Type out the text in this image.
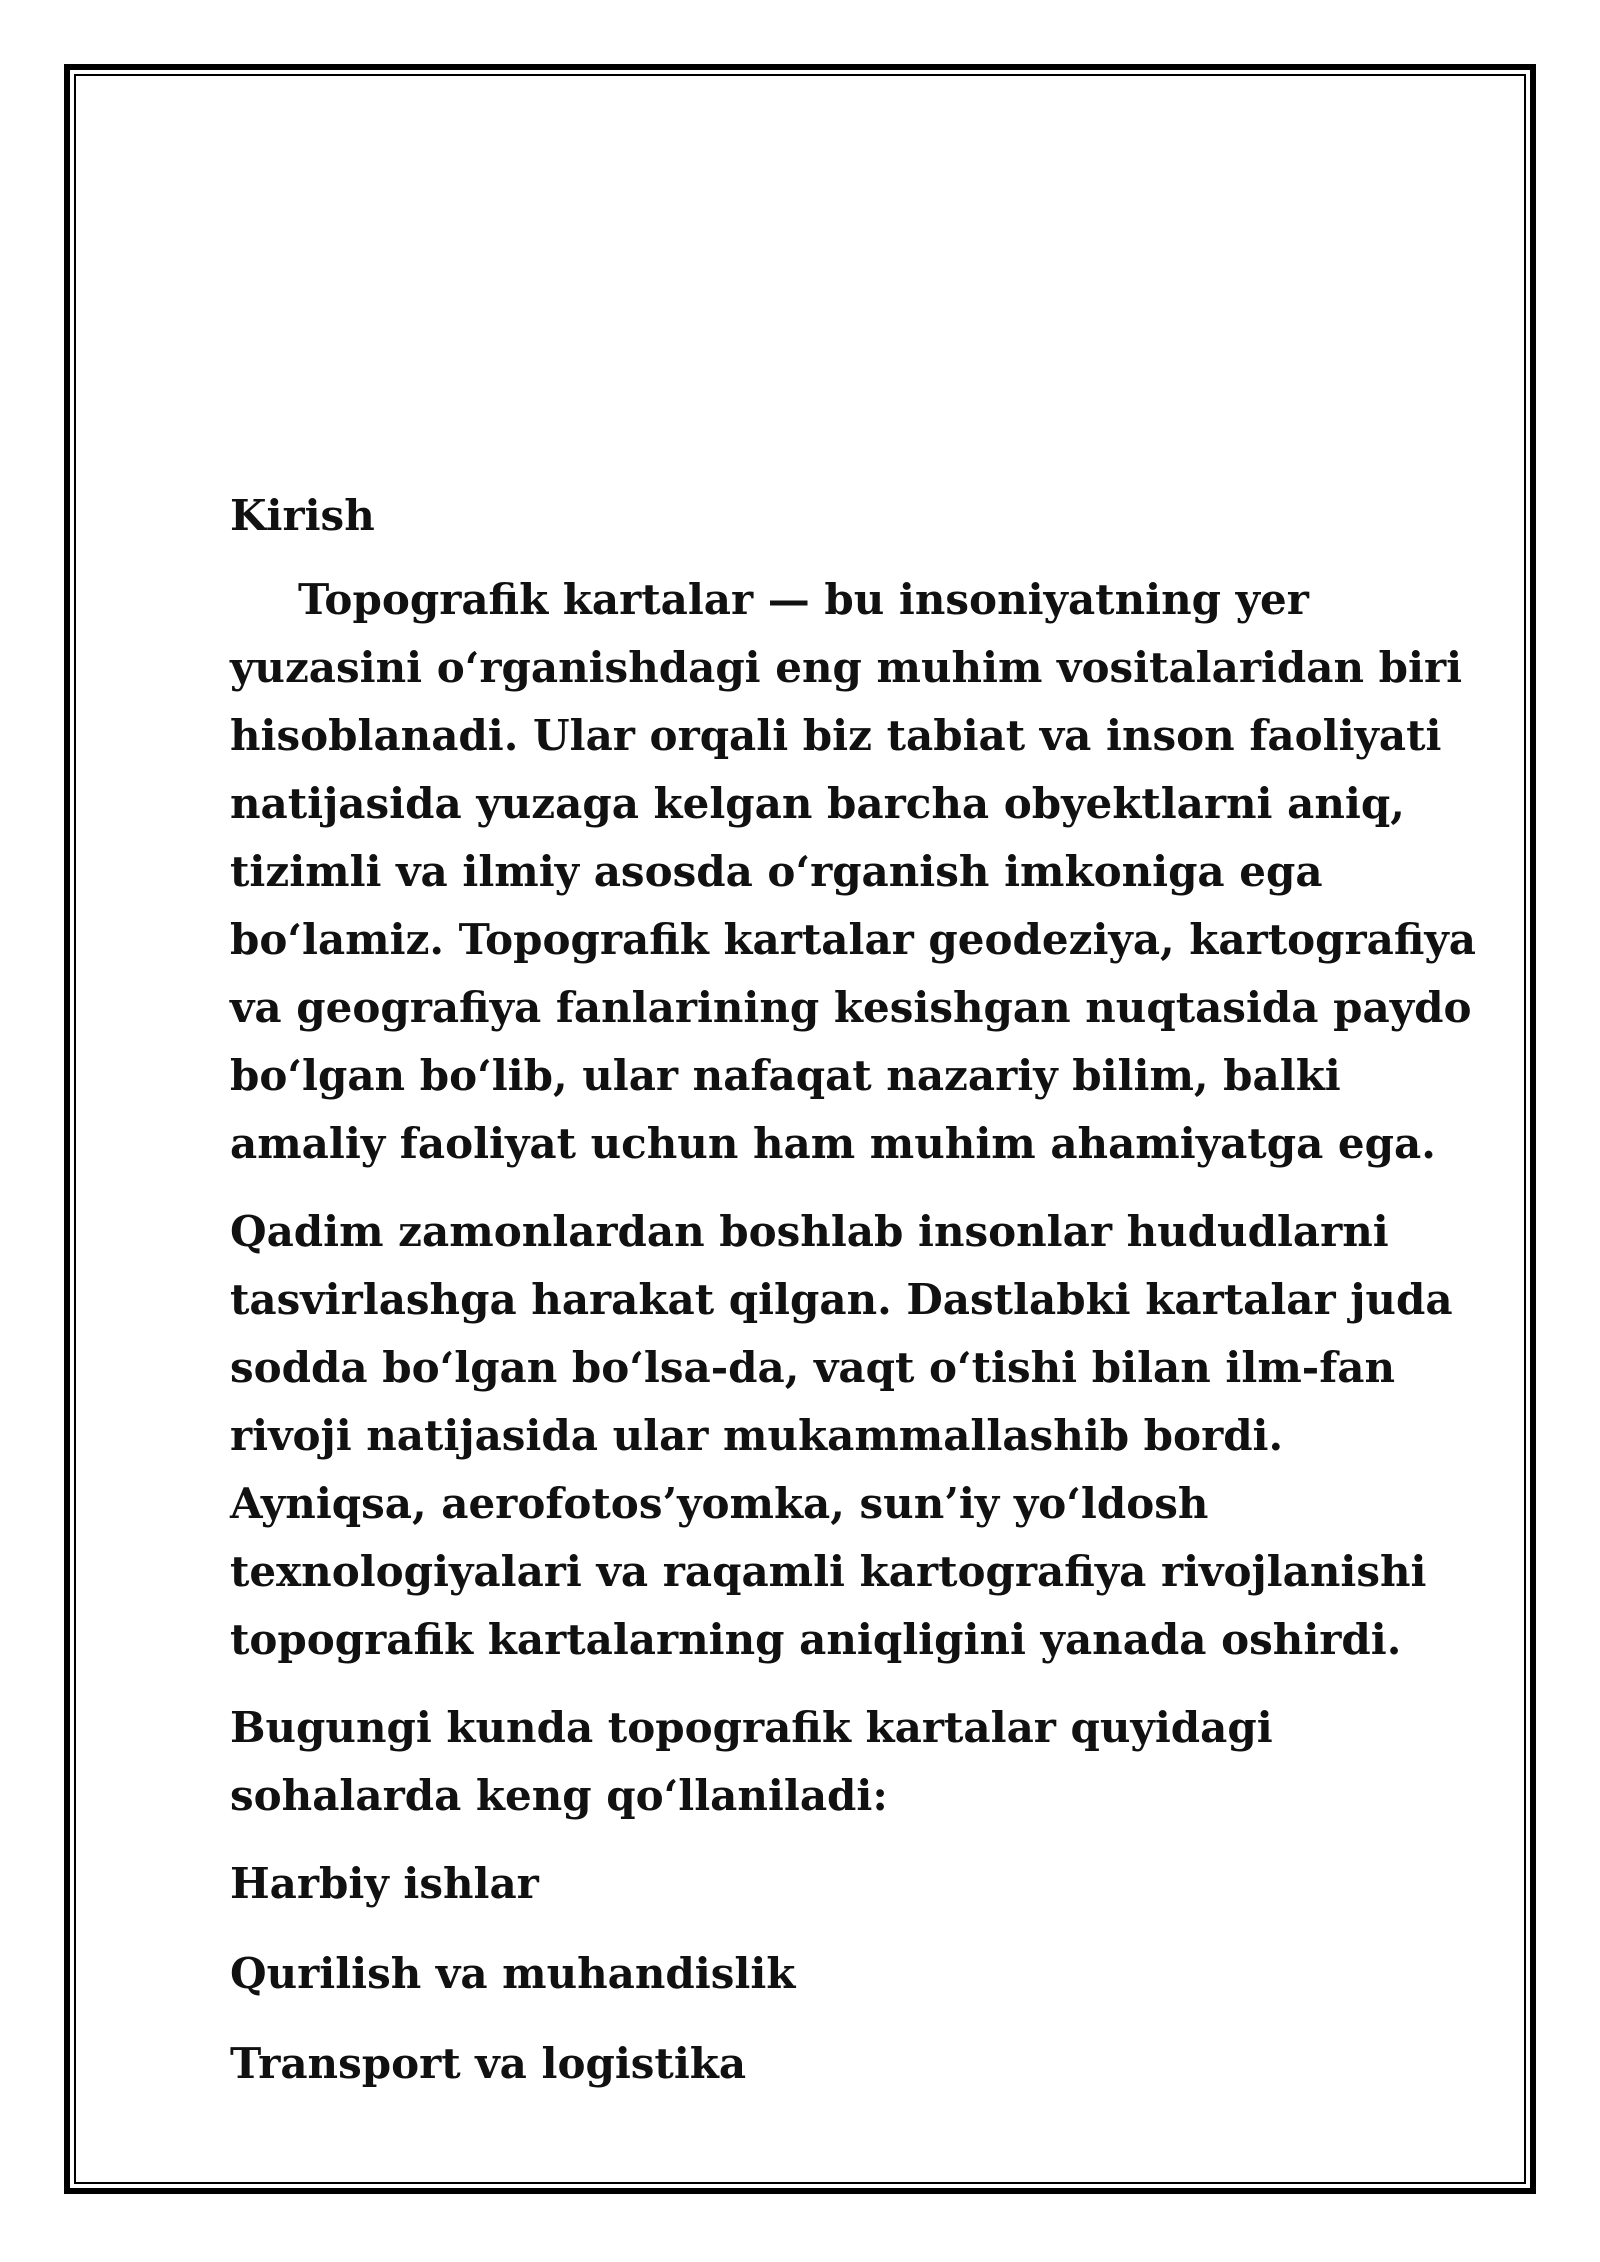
Kirish

Topografik kartalar — bu insoniyatning yer yuzasini o‘rganishdagi eng muhim vositalaridan biri hisoblanadi. Ular orqali biz tabiat va inson faoliyati natijasida yuzaga kelgan barcha obyektlarni aniq, tizimli va ilmiy asosda o‘rganish imkoniga ega bo‘lamiz. Topografik kartalar geodeziya, kartografiya va geografiya fanlarining kesishgan nuqtasida paydo bo‘lgan bo‘lib, ular nafaqat nazariy bilim, balki amaliy faoliyat uchun ham muhim ahamiyatga ega.

Qadim zamonlardan boshlab insonlar hududlarni tasvirlashga harakat qilgan. Dastlabki kartalar juda sodda bo‘lgan bo‘lsa-da, vaqt o‘tishi bilan ilm-fan rivoji natijasida ular mukammallashib bordi. Ayniqsa, aerofotos’yomka, sun’iy yo‘ldosh texnologiyalari va raqamli kartografiya rivojlanishi topografik kartalarning aniqligini yanada oshirdi.

Bugungi kunda topografik kartalar quyidagi sohalarda keng qo‘llaniladi:

Harbiy ishlar
Qurilish va muhandislik
Transport va logistika
